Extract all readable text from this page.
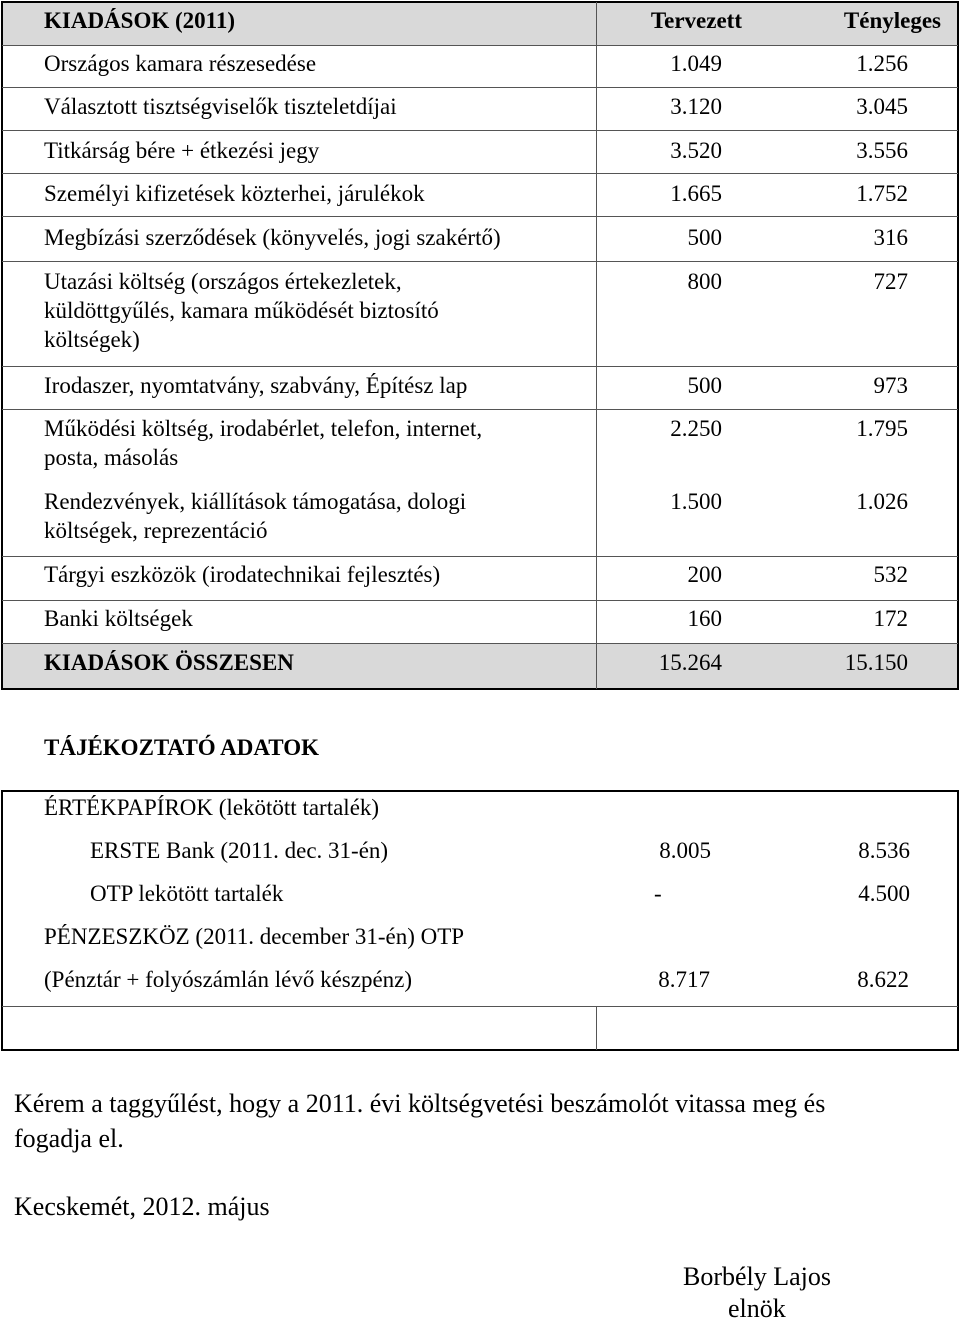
KIADÁSOK (2011)	Tervezett	Tényleges
Országos kamara részesedése	1.049	1.256
Választott tisztségviselők tiszteletdíjai	3.120	3.045
Titkárság bére + étkezési jegy	3.520	3.556
Személyi kifizetések közterhei, járulékok	1.665	1.752
Megbízási szerződések (könyvelés, jogi szakértő)	500	316
Utazási költség (országos értekezletek,
küldöttgyűlés, kamara működését biztosító
költségek)
800	727
Irodaszer, nyomtatvány, szabvány, Építész lap	500	973
Működési költség, irodabérlet, telefon, internet,
posta, másolás
2.250	1.795
Rendezvények, kiállítások támogatása, dologi
költségek, reprezentáció
1.500	1.026
Tárgyi eszközök (irodatechnikai fejlesztés)	200	532
Banki költségek	160	172
KIADÁSOK ÖSSZESEN	15.264	15.150
TÁJÉKOZTATÓ ADATOK
ÉRTÉKPAPÍROK (lekötött tartalék)
ERSTE Bank (2011. dec. 31-én)	8.005	8.536
OTP lekötött tartalék	-	4.500
PÉNZESZKÖZ (2011. december 31-én) OTP
(Pénztár + folyószámlán lévő készpénz)	8.717	8.622
Kérem a taggyűlést, hogy a 2011. évi költségvetési beszámolót vitassa meg és
fogadja el.
Kecskemét, 2012. május
Borbély Lajos
elnök
